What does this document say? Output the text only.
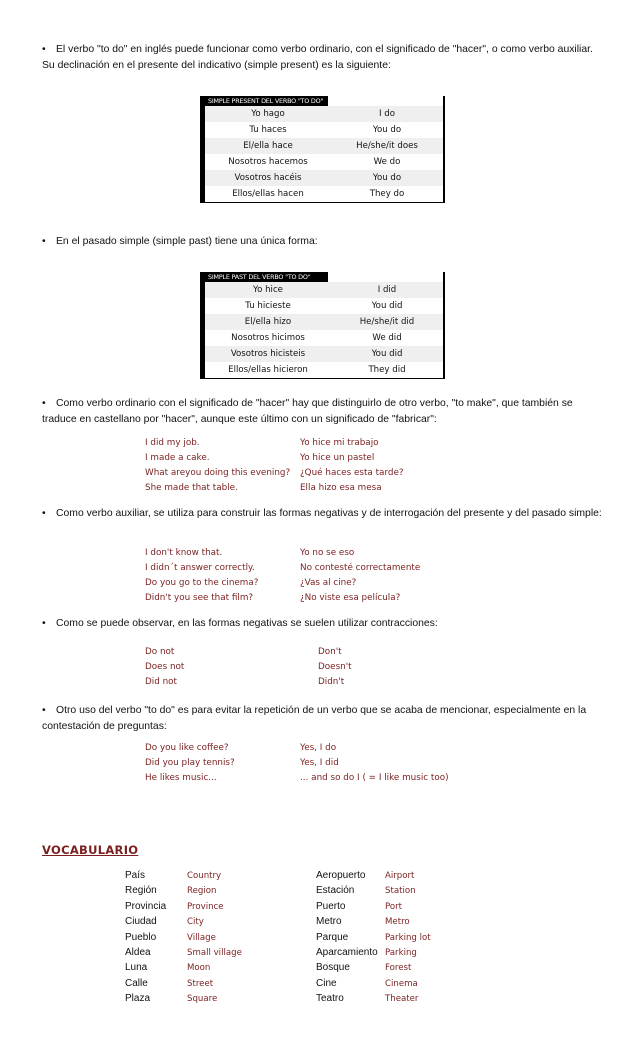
• El verbo "to do" en inglés puede funcionar como verbo ordinario, con el significado de "hacer", o como verbo auxiliar. Su declinación en el presente del indicativo (simple present) es la siguiente:
SIMPLE PRESENT DEL VERBO "TO DO"
Yo hago	I do
Tu haces	You do
El/ella hace	He/she/it does
Nosotros hacemos	We do
Vosotros hacéis	You do
Ellos/ellas hacen	They do
• En el pasado simple (simple past) tiene una única forma:
SIMPLE PAST DEL VERBO "TO DO"
Yo hice	I did
Tu hicieste	You did
El/ella hizo	He/she/it did
Nosotros hicimos	We did
Vosotros hicisteis	You did
Ellos/ellas hicieron	They did
• Como verbo ordinario con el significado de "hacer" hay que distinguirlo de otro verbo, "to make", que también se traduce en castellano por "hacer", aunque este último con un significado de "fabricar":
I did my job.	Yo hice mi trabajo
I made a cake.	Yo hice un pastel
What areyou doing this evening? ¿Qué haces esta tarde?
She made that table.	Ella hizo esa mesa
• Como verbo auxiliar, se utiliza para construir las formas negativas y de interrogación del presente y del pasado simple:
I don't know that.	Yo no se eso
I didn´t answer correctly.	No contesté correctamente
Do you go to the cinema?	¿Vas al cine?
Didn't you see that film?	¿No viste esa película?
• Como se puede observar, en las formas negativas se suelen utilizar contracciones:
Do not	Don't
Does not	Doesn't
Did not	Didn't
• Otro uso del verbo "to do" es para evitar la repetición de un verbo que se acaba de mencionar, especialmente en la contestación de preguntas:
Do you like coffee?	Yes, I do
Did you play tennis?	Yes, I did
He likes music...	... and so do I ( = I like music too)
VOCABULARIO
País	Country
Región	Region
Provincia Province
Ciudad	City
Pueblo	Village
Aldea	Small village
Luna	Moon
Calle	Street
Plaza	Square
Aeropuerto Airport
Estación	Station
Puerto	Port
Metro	Metro
Parque	Parking lot
Aparcamiento Parking
Bosque	Forest
Cine	Cinema
Teatro	Theater
